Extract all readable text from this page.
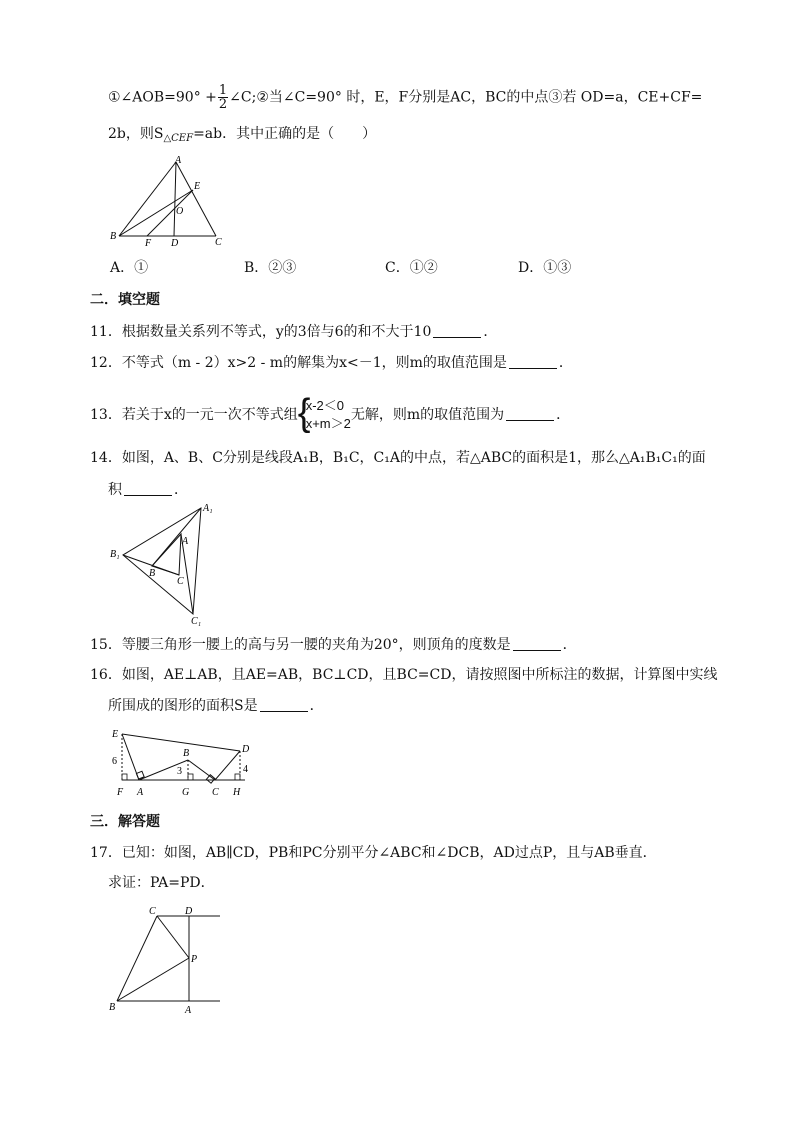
①∠AOB=90° + $\frac{1}{2}$ ∠C;②当∠C=90° 时，E，F分别是AC，BC的中点③若 OD=a，CE+CF=
2b，则$S_{\triangle CEF}=ab$．其中正确的是（　　）
A
E
O
B
F D	C
A．①	B．②③	C．①②	D．①③
二．填空题
11．根据数量关系列不等式，y的3倍与6的和不大于10	．
12．不等式（m - 2）x>2 - m的解集为x<－1，则m的取值范围是	．
13．若关于x的一元一次不等式组 {
x-2＜0
x+m＞2
无解，则m的取值范围为	．
14．如图，A、B、C分别是线段A₁B，B₁C，C₁A的中点，若△ABC的面积是1，那么△A₁B₁C₁的面
积	．
A₁
A
B₁
B
C
C₁
15．等腰三角形一腰上的高与另一腰的夹角为20°，则顶角的度数是	．
16．如图，AE⊥AB，且AE=AB，BC⊥CD，且BC=CD，请按照图中所标注的数据，计算图中实线
所围成的图形的面积S是	．
E
B	D
6
3	4
F A	G C H
三．解答题
17．已知：如图，AB∥CD，PB和PC分别平分∠ABC和∠DCB，AD过点P，且与AB垂直．
求证：PA=PD．
C	D
P
B	A
